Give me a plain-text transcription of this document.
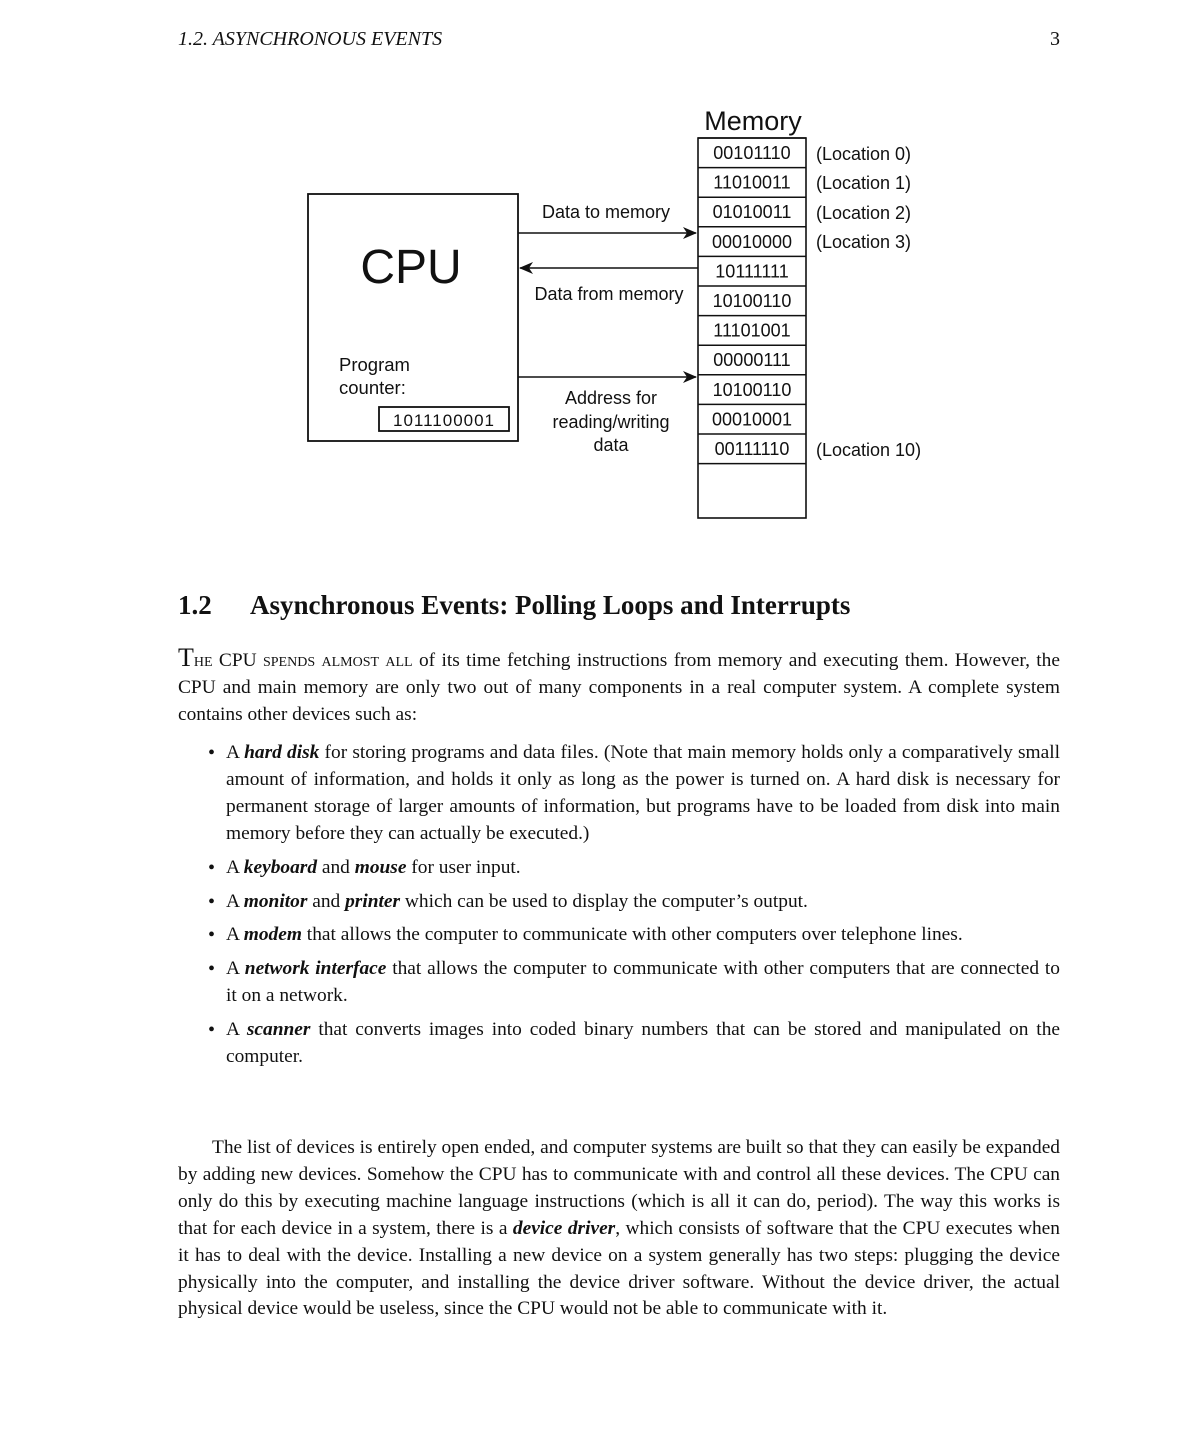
1.2. ASYNCHRONOUS EVENTS	3
Memory
00101110
11010011
01010011
00010000
10111111
10100110
11101001
00000111
10100110
00010001
00111110
(Location 0)
(Location 1)
(Location 2)
(Location 3)
(Location 10)
CPU
Program
counter:
1011100001
Data to memory
Data from memory
Address for
reading/writing
data
1.2 Asynchronous Events: Polling Loops and Interrupts

The CPU spends almost all of its time fetching instructions from memory and executing them. However, the CPU and main memory are only two out of many components in a real computer system. A complete system contains other devices such as:

• A hard disk for storing programs and data files. (Note that main memory holds only a comparatively small amount of information, and holds it only as long as the power is turned on. A hard disk is necessary for permanent storage of larger amounts of information, but programs have to be loaded from disk into main memory before they can actually be executed.)
• A keyboard and mouse for user input.
• A monitor and printer which can be used to display the computer’s output.
• A modem that allows the computer to communicate with other computers over telephone lines.
• A network interface that allows the computer to communicate with other computers that are connected to it on a network.
• A scanner that converts images into coded binary numbers that can be stored and manipulated on the computer.

The list of devices is entirely open ended, and computer systems are built so that they can easily be expanded by adding new devices. Somehow the CPU has to communicate with and control all these devices. The CPU can only do this by executing machine language instructions (which is all it can do, period). The way this works is that for each device in a system, there is a device driver, which consists of software that the CPU executes when it has to deal with the device. Installing a new device on a system generally has two steps: plugging the device physically into the computer, and installing the device driver software. Without the device driver, the actual physical device would be useless, since the CPU would not be able to communicate with it.
